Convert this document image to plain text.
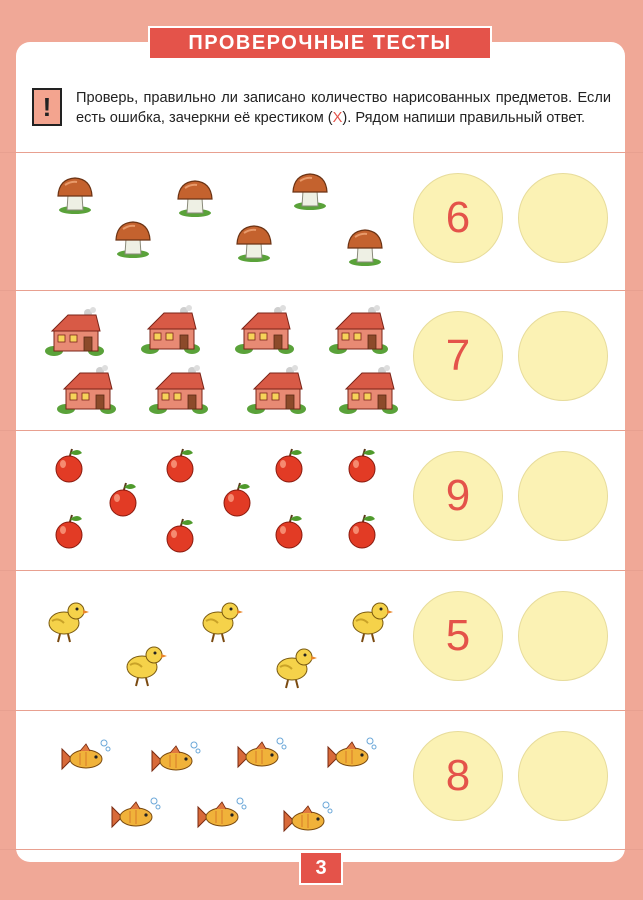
ПРОВЕРОЧНЫЕ ТЕСТЫ
!	Проверь, правильно ли записано количество нарисованных предметов. Если есть ошибка, зачеркни её крестиком (Х). Рядом напиши правильный ответ.
6
7
9
5
8
3
